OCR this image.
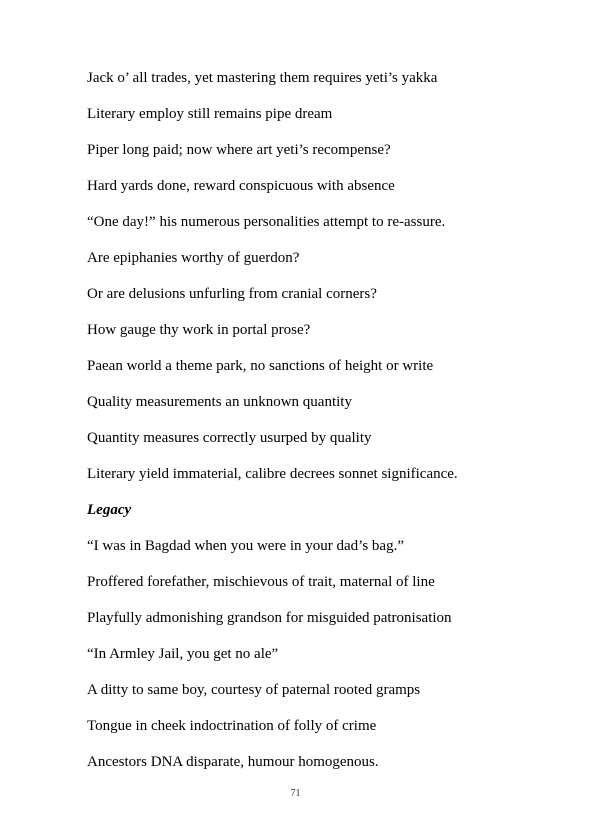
Jack o’ all trades, yet mastering them requires yeti’s yakka
Literary employ still remains pipe dream
Piper long paid; now where art yeti’s recompense?
Hard yards done, reward conspicuous with absence
“One day!” his numerous personalities attempt to re-assure.
Are epiphanies worthy of guerdon?
Or are delusions unfurling from cranial corners?
How gauge thy work in portal prose?
Paean world a theme park, no sanctions of height or write
Quality measurements an unknown quantity
Quantity measures correctly usurped by quality
Literary yield immaterial, calibre decrees sonnet significance.
Legacy
“I was in Bagdad when you were in your dad’s bag.”
Proffered forefather, mischievous of trait, maternal of line
Playfully admonishing grandson for misguided patronisation
“In Armley Jail, you get no ale”
A ditty to same boy, courtesy of paternal rooted gramps
Tongue in cheek indoctrination of folly of crime
Ancestors DNA disparate, humour homogenous.
71
